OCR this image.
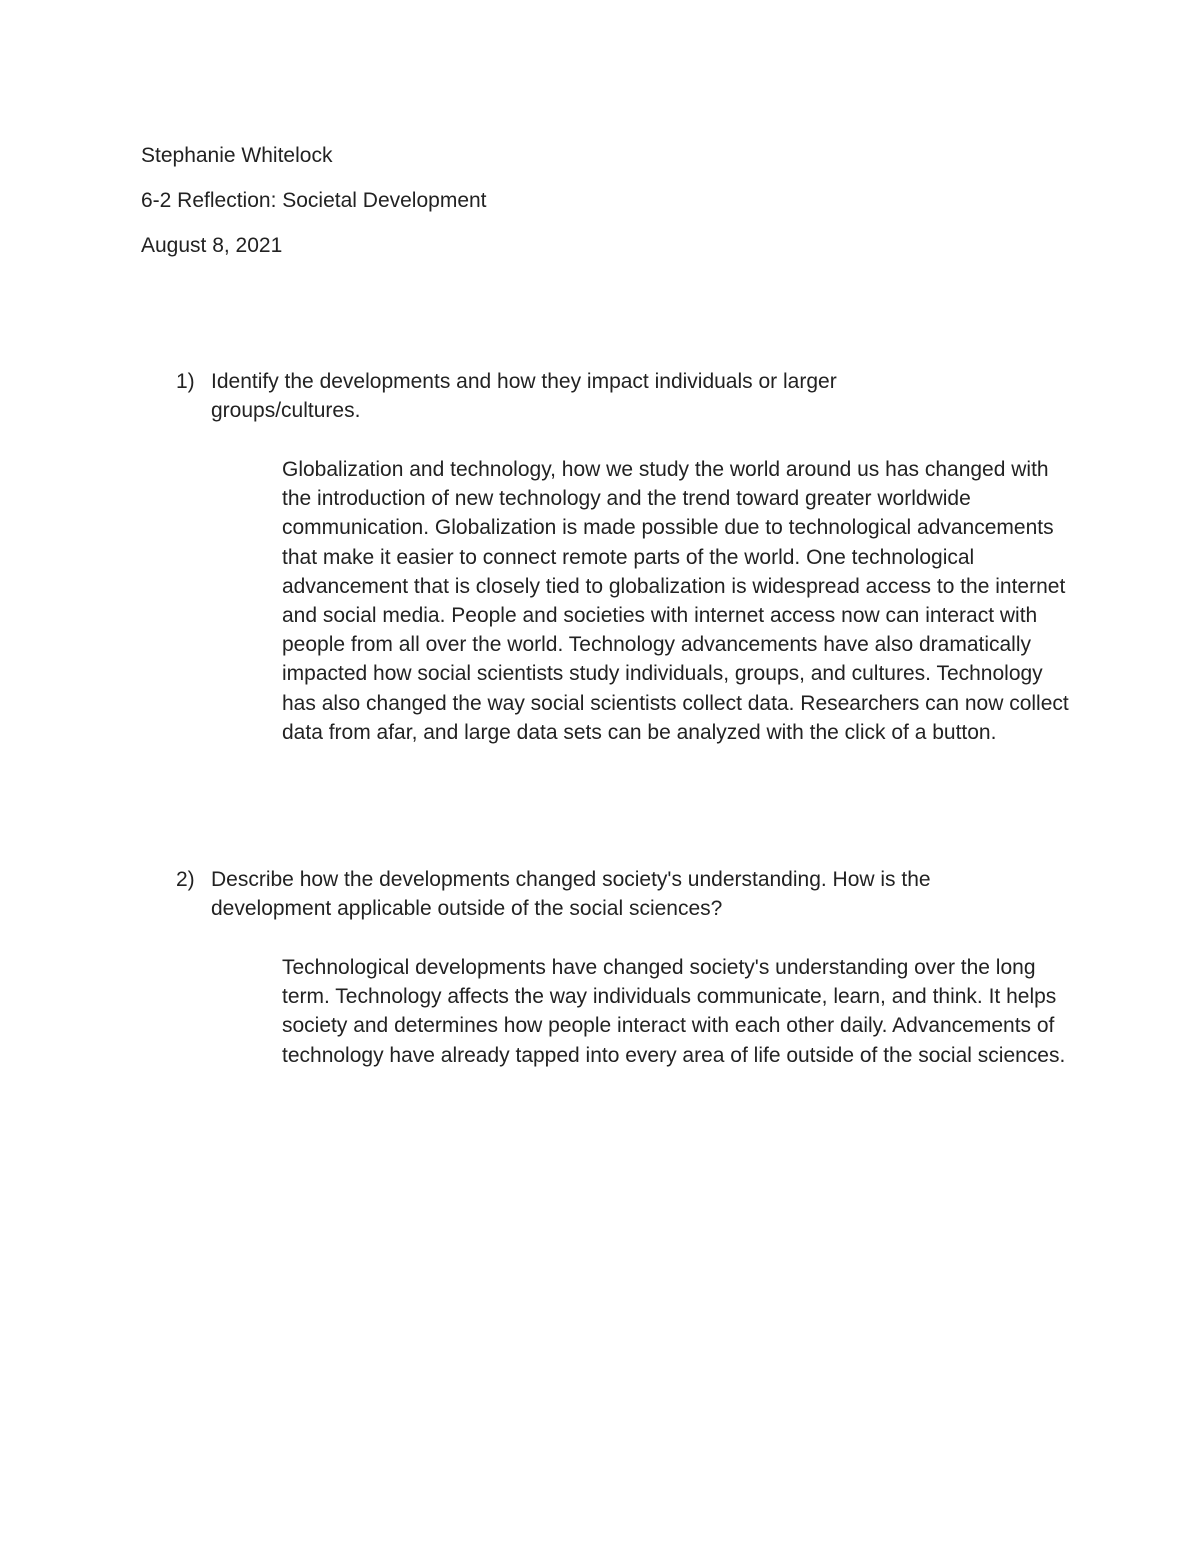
Stephanie Whitelock
6-2 Reflection: Societal Development
August 8, 2021
1) Identify the developments and how they impact individuals or larger groups/cultures.
Globalization and technology, how we study the world around us has changed with the introduction of new technology and the trend toward greater worldwide communication. Globalization is made possible due to technological advancements that make it easier to connect remote parts of the world. One technological advancement that is closely tied to globalization is widespread access to the internet and social media. People and societies with internet access now can interact with people from all over the world. Technology advancements have also dramatically impacted how social scientists study individuals, groups, and cultures. Technology has also changed the way social scientists collect data. Researchers can now collect data from afar, and large data sets can be analyzed with the click of a button.
2) Describe how the developments changed society's understanding. How is the development applicable outside of the social sciences?
Technological developments have changed society's understanding over the long term. Technology affects the way individuals communicate, learn, and think. It helps society and determines how people interact with each other daily. Advancements of technology have already tapped into every area of life outside of the social sciences.
